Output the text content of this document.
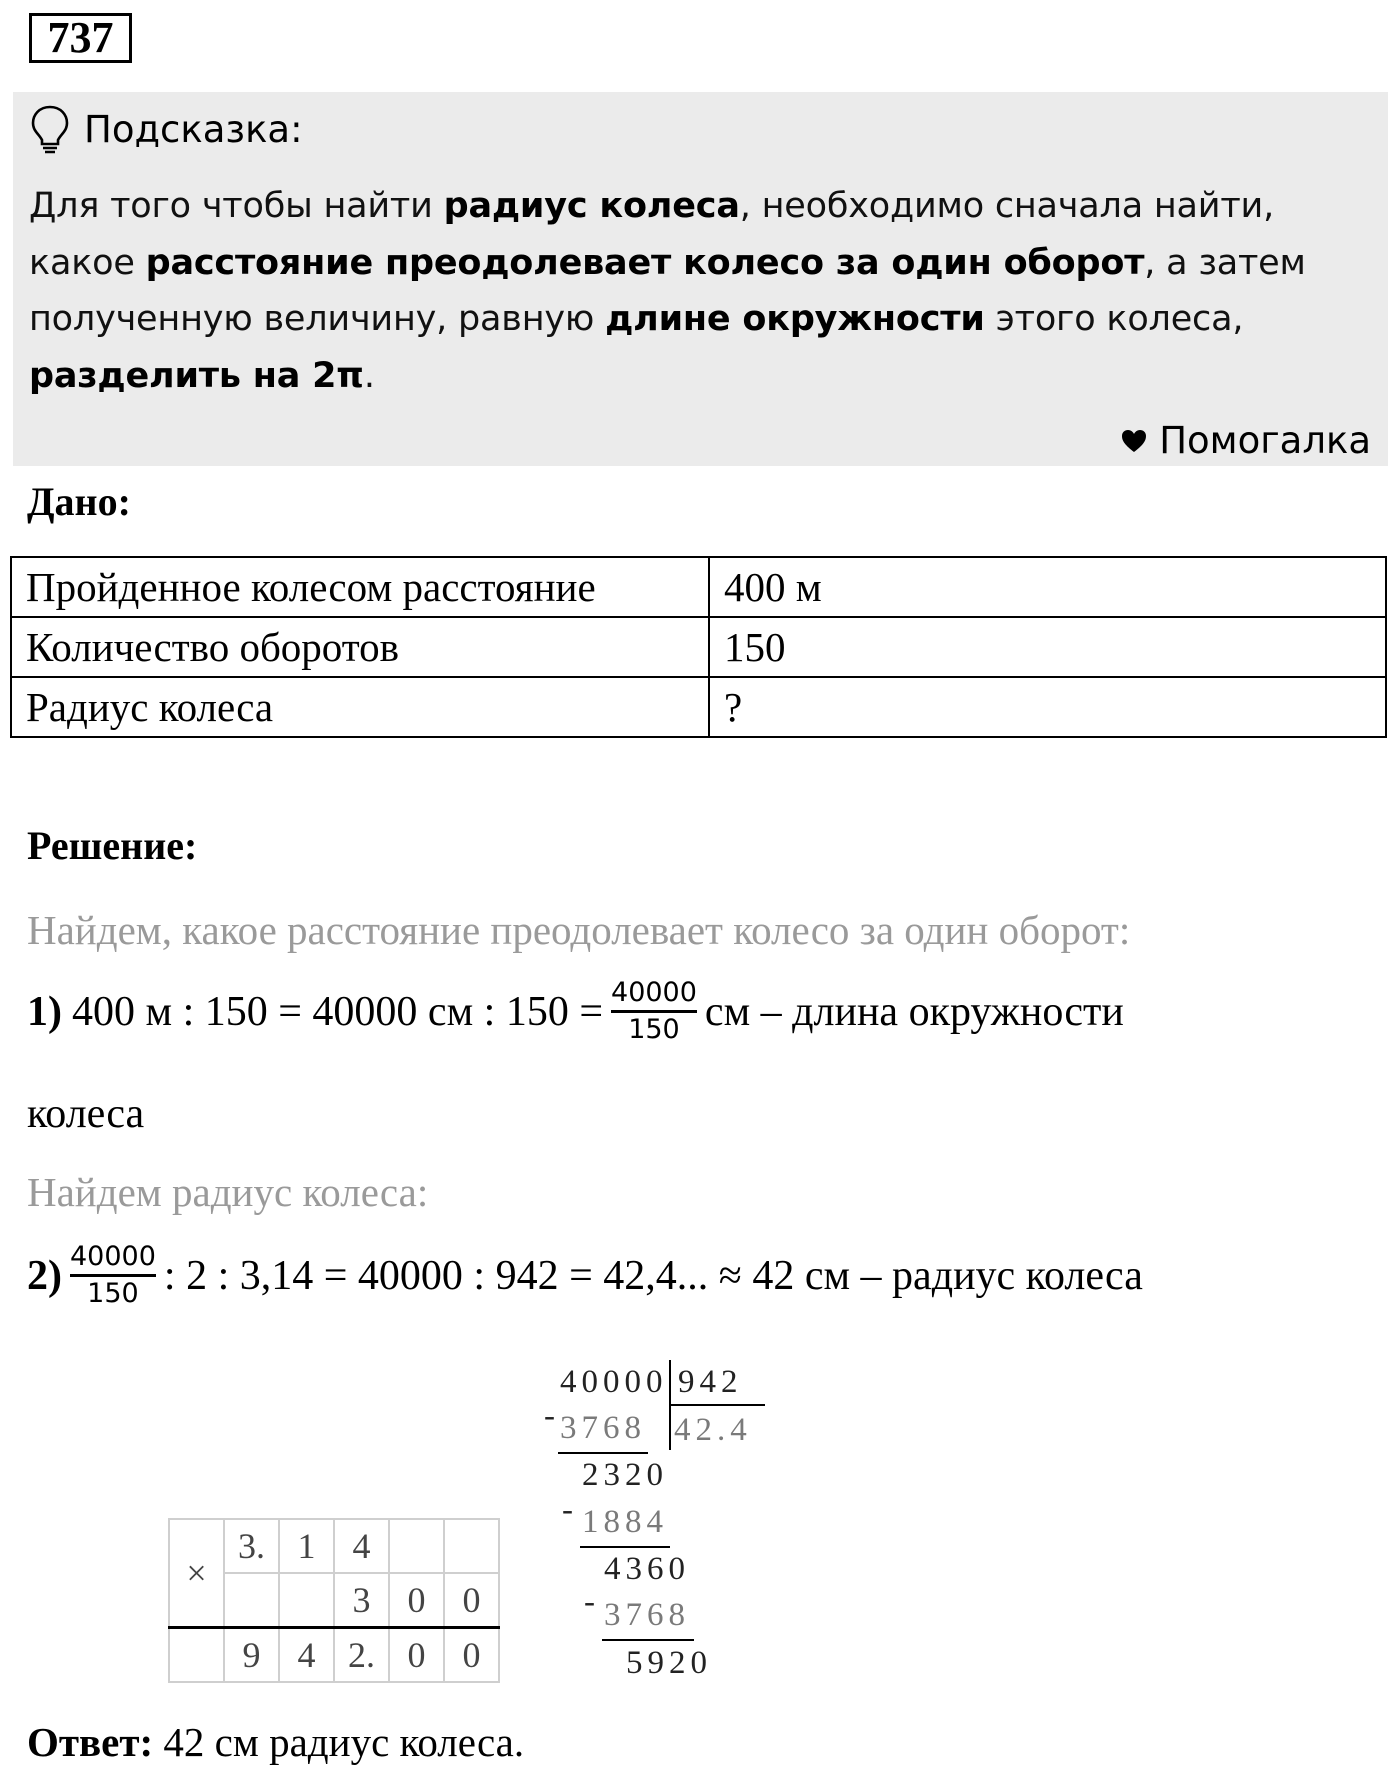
737
Подсказка:
Для того чтобы найти радиус колеса, необходимо сначала найти, какое расстояние преодолевает колесо за один оборот, а затем полученную величину, равную длине окружности этого колеса,
разделить на 2π.
Помогалка
Дано:
Пройденное колесом расстояние	400 м
Количество оборотов	150
Радиус колеса	?
Решение:
Найдем, какое расстояние преодолевает колесо за один оборот:
1) 400 м : 150 = 40000 см : $150 = \frac{40000}{150}$ см – длина окружности
колеса
Найдем радиус колеса:
$2) \frac{40000}{150}$ : 2 : 3,14 = 40000 : 942 = 42,4... ≈ 42 см – радиус колеса
×	3.	1	4		
			3	0	0
	9	4	2.	0	0
40000 942
42.4
- 3768
2320
- 1884
4360
- 3768
5920
Ответ: 42 см радиус колеса.
